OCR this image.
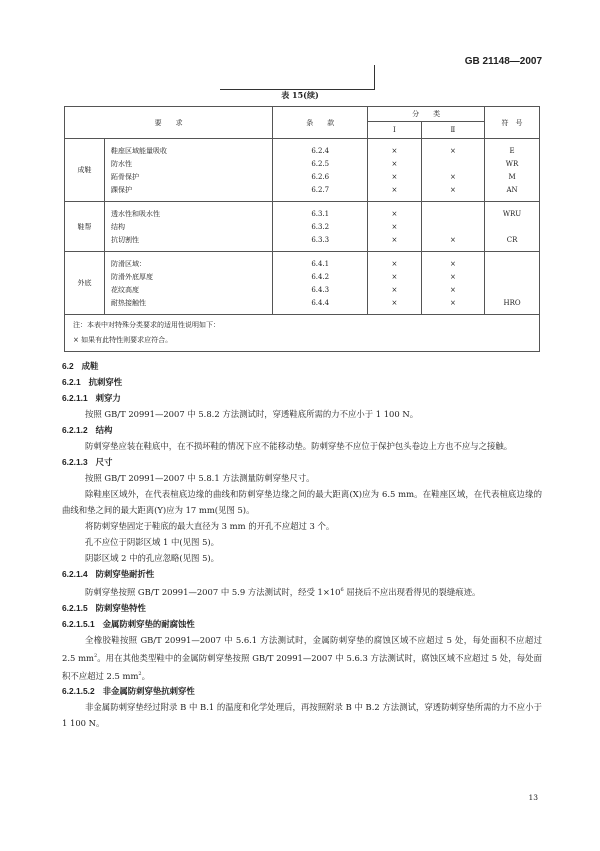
GB 21148—2007
表 15(续)
要　　求		条　　款	分　　类		符　号
			Ⅰ	Ⅱ	
成鞋					
	鞋座区域能量吸收	6.2.4	×	×	E
	防水性	6.2.5	×		WR
	跖骨保护	6.2.6	×	×	M
	踝保护	6.2.7	×	×	AN

鞋帮					
	透水性和吸水性	6.3.1	×		WRU
	结构	6.3.2	×		
	抗切割性	6.3.3	×	×	CR

外底					
	防滑区域：	6.4.1	×	×	
	防滑外底厚度	6.4.2	×	×	
	花纹高度	6.4.3	×	×	
	耐热接触性	6.4.4	×	×	HRO

注：本表中对特殊分类要求的适用性说明如下：
× 如果有此特性则要求应符合。					
6.2 成鞋
6.2.1 抗刺穿性
6.2.1.1 刺穿力
按照 GB/T 20991—2007 中 5.8.2 方法测试时，穿透鞋底所需的力不应小于 1 100 N。
6.2.1.2 结构
防刺穿垫应装在鞋底中，在不损坏鞋的情况下应不能移动垫。防刺穿垫不应位于保护包头卷边上方也不应与之接触。
6.2.1.3 尺寸
按照 GB/T 20991—2007 中 5.8.1 方法测量防刺穿垫尺寸。
除鞋座区域外，在代表楦底边缘的曲线和防刺穿垫边缘之间的最大距离(X)应为 6.5 mm。在鞋座区域，在代表楦底边缘的曲线和垫之间的最大距离(Y)应为 17 mm(见图 5)。
将防刺穿垫固定于鞋底的最大直径为 3 mm 的开孔不应超过 3 个。
孔不应位于阴影区域 1 中(见图 5)。
阴影区域 2 中的孔应忽略(见图 5)。
6.2.1.4 防刺穿垫耐折性
防刺穿垫按照 GB/T 20991—2007 中 5.9 方法测试时，经受 $1\times 10^6$ 屈挠后不应出现看得见的裂缝痕迹。
6.2.1.5 防刺穿垫特性
6.2.1.5.1 金属防刺穿垫的耐腐蚀性
全橡胶鞋按照 GB/T 20991—2007 中 5.6.1 方法测试时，金属防刺穿垫的腐蚀区域不应超过 5 处，每处面积不应超过 2.5 $mm^2$。用在其他类型鞋中的金属防刺穿垫按照 GB/T 20991—2007 中 5.6.3 方法测试时，腐蚀区域不应超过 5 处，每处面积不应超过 2.5 $mm^2$。
6.2.1.5.2 非金属防刺穿垫抗刺穿性
非金属防刺穿垫经过附录 B 中 B.1 的温度和化学处理后，再按照附录 B 中 B.2 方法测试，穿透防刺穿垫所需的力不应小于 1 100 N。
13
